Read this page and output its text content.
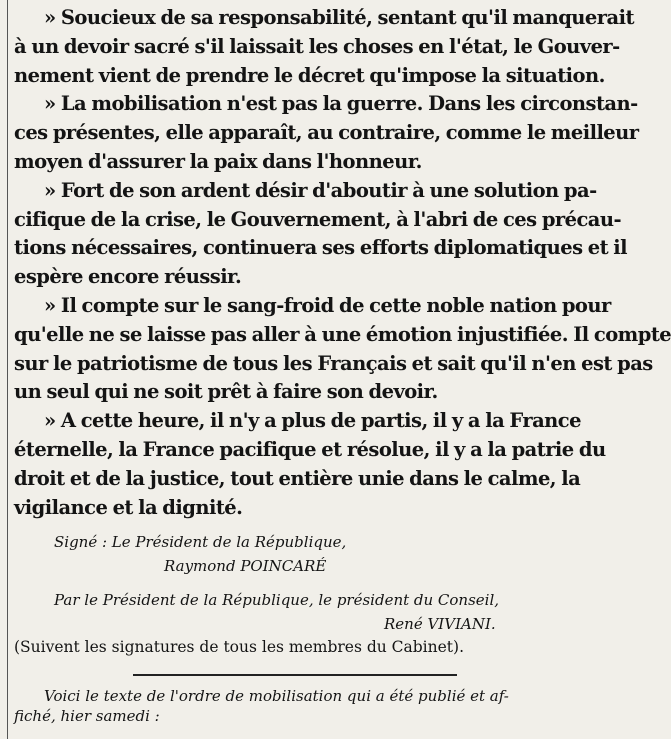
» Soucieux de sa responsabilité, sentant qu'il manquerait
à un devoir sacré s'il laissait les choses en l'état, le Gouver-
nement vient de prendre le décret qu'impose la situation.

» La mobilisation n'est pas la guerre. Dans les circonstan-
ces présentes, elle apparaît, au contraire, comme le meilleur
moyen d'assurer la paix dans l'honneur.

» Fort de son ardent désir d'aboutir à une solution pa-
cifique de la crise, le Gouvernement, à l'abri de ces précau-
tions nécessaires, continuera ses efforts diplomatiques et il
espère encore réussir.

» Il compte sur le sang-froid de cette noble nation pour
qu'elle ne se laisse pas aller à une émotion injustifiée. Il compte
sur le patriotisme de tous les Français et sait qu'il n'en est pas
un seul qui ne soit prêt à faire son devoir.

» A cette heure, il n'y a plus de partis, il y a la France
éternelle, la France pacifique et résolue, il y a la patrie du
droit et de la justice, tout entière unie dans le calme, la
vigilance et la dignité.

Signé : Le Président de la République,

Raymond POINCARÉ

Par le Président de la République, le président du Conseil,

René VIVIANI.

(Suivent les signatures de tous les membres du Cabinet).

Voici le texte de l'ordre de mobilisation qui a été publié et af-
fiché, hier samedi :
